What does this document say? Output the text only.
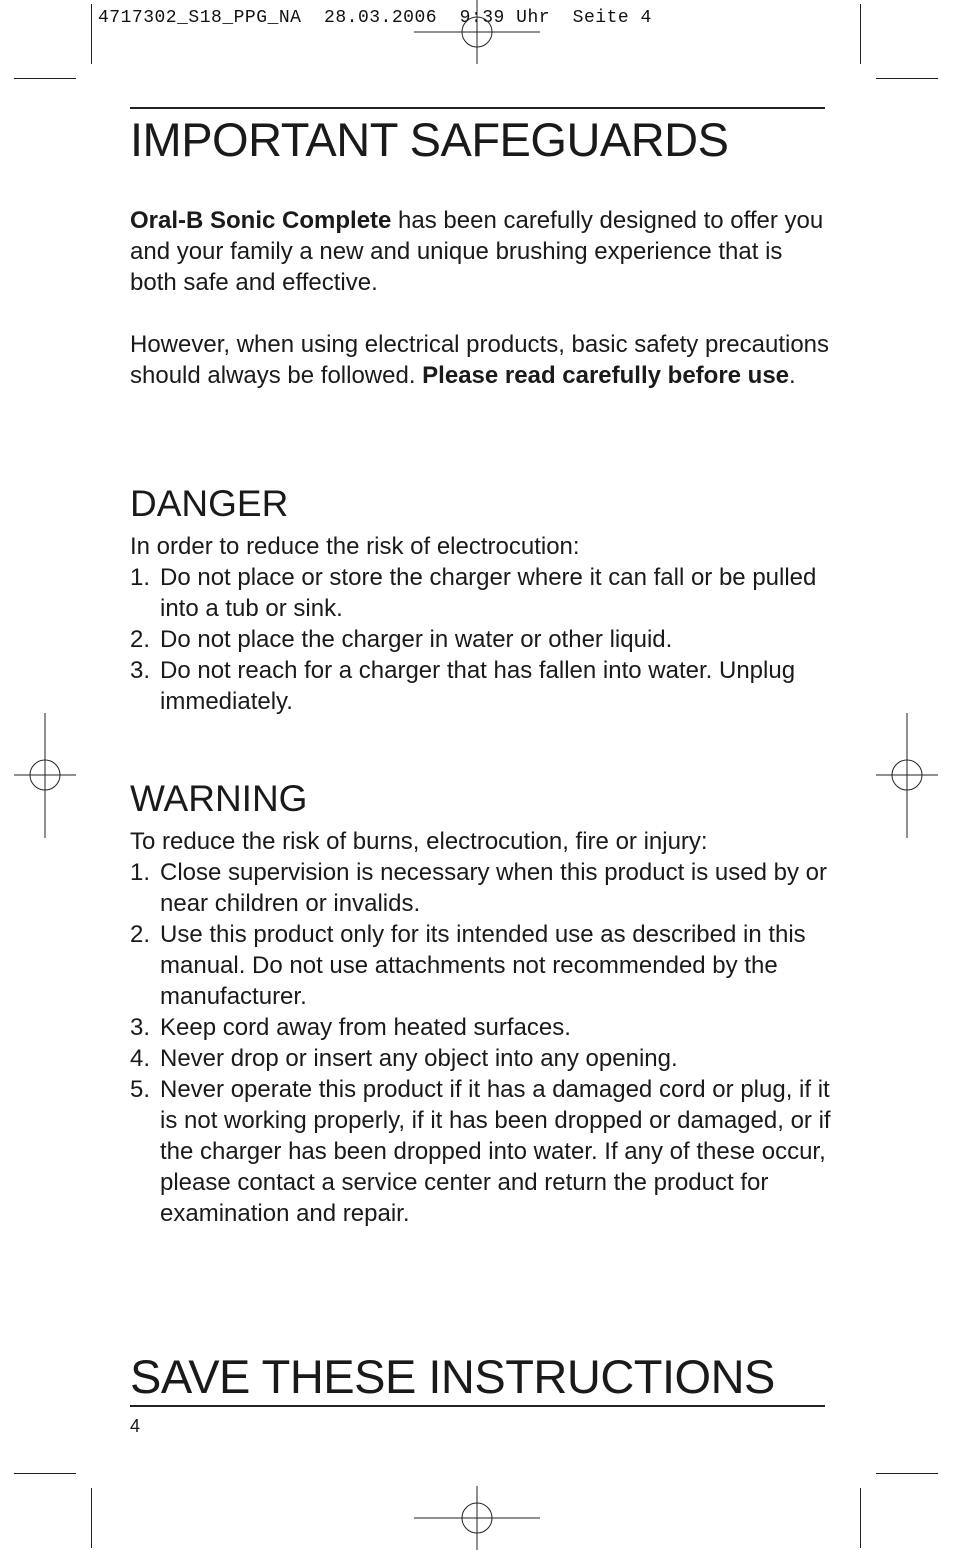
4717302_S18_PPG_NA  28.03.2006  9:39 Uhr  Seite 4
IMPORTANT SAFEGUARDS

Oral-B Sonic Complete has been carefully designed to offer you and your family a new and unique brushing experience that is both safe and effective.

However, when using electrical products, basic safety precautions should always be followed. Please read carefully before use.

DANGER

In order to reduce the risk of electrocution:

1. Do not place or store the charger where it can fall or be pulled into a tub or sink.
2. Do not place the charger in water or other liquid.
3. Do not reach for a charger that has fallen into water. Unplug immediately.
WARNING

To reduce the risk of burns, electrocution, fire or injury:

1. Close supervision is necessary when this product is used by or near children or invalids.
2. Use this product only for its intended use as described in this manual. Do not use attachments not recommended by the manufacturer.
3. Keep cord away from heated surfaces.
4. Never drop or insert any object into any opening.
5. Never operate this product if it has a damaged cord or plug, if it is not working properly, if it has been dropped or damaged, or if the charger has been dropped into water. If any of these occur, please contact a service center and return the product for examination and repair.
SAVE THESE INSTRUCTIONS
4
